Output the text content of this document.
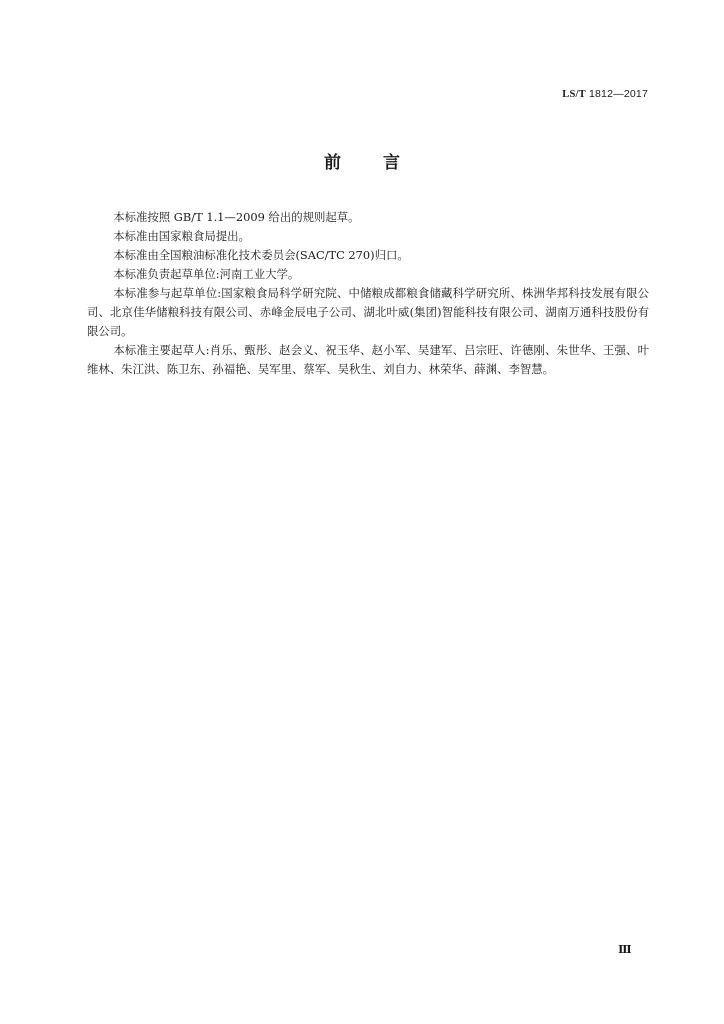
LS/T 1812—2017
前 言

本标准按照 GB/T 1.1—2009 给出的规则起草。

本标准由国家粮食局提出。

本标准由全国粮油标准化技术委员会(SAC/TC 270)归口。

本标准负责起草单位:河南工业大学。

本标准参与起草单位:国家粮食局科学研究院、中储粮成都粮食储藏科学研究所、株洲华邦科技发展有限公司、北京佳华储粮科技有限公司、赤峰金辰电子公司、湖北叶威(集团)智能科技有限公司、湖南万通科技股份有限公司。

本标准主要起草人:肖乐、甄彤、赵会义、祝玉华、赵小军、吴建军、吕宗旺、许德刚、朱世华、王强、叶维林、朱江洪、陈卫东、孙福艳、吴军里、蔡军、吴秋生、刘自力、林荣华、薛渊、李智慧。

Ⅲ
